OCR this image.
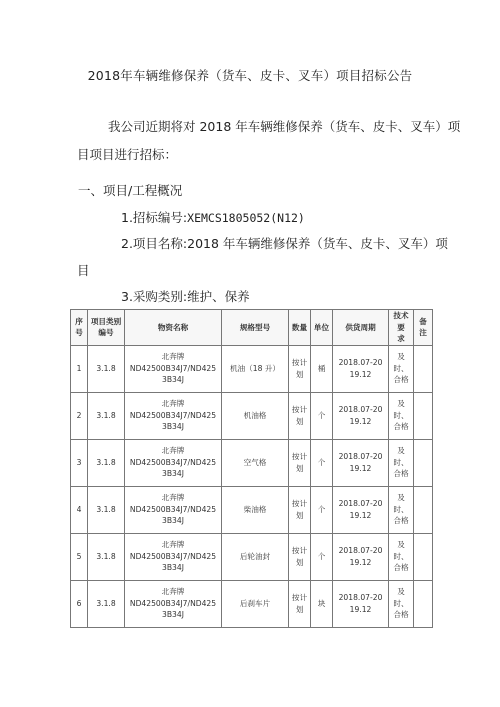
2018年车辆维修保养（货车、皮卡、叉车）项目招标公告
我公司近期将对 2018 年车辆维修保养（货车、皮卡、叉车）项
目项目进行招标：
一、项目/工程概况
1.招标编号:XEMCS1805052(N12)
2.项目名称:2018 年车辆维修保养（货车、皮卡、叉车）项
目
3.采购类别:维护、保养
序
号	项目类别
编号	物资名称	规格型号	数量	单位	供货周期	技术要
求	备
注

1	3.1.8	北奔牌
ND42500B34J7/ND425
3B34J	机油（18 升）	按计
划	桶	2018.07-20
19.12	及时、
合格	

2	3.1.8	北奔牌
ND42500B34J7/ND425
3B34J	机油格	按计
划	个	2018.07-20
19.12	及时、
合格	

3	3.1.8	北奔牌
ND42500B34J7/ND425
3B34J	空气格	按计
划	个	2018.07-20
19.12	及时、
合格	

4	3.1.8	北奔牌
ND42500B34J7/ND425
3B34J	柴油格	按计
划	个	2018.07-20
19.12	及时、
合格	

5	3.1.8	北奔牌
ND42500B34J7/ND425
3B34J	后轮油封	按计
划	个	2018.07-20
19.12	及时、
合格	

6	3.1.8	北奔牌
ND42500B34J7/ND425
3B34J	后刹车片	按计
划	块	2018.07-20
19.12	及时、
合格	
